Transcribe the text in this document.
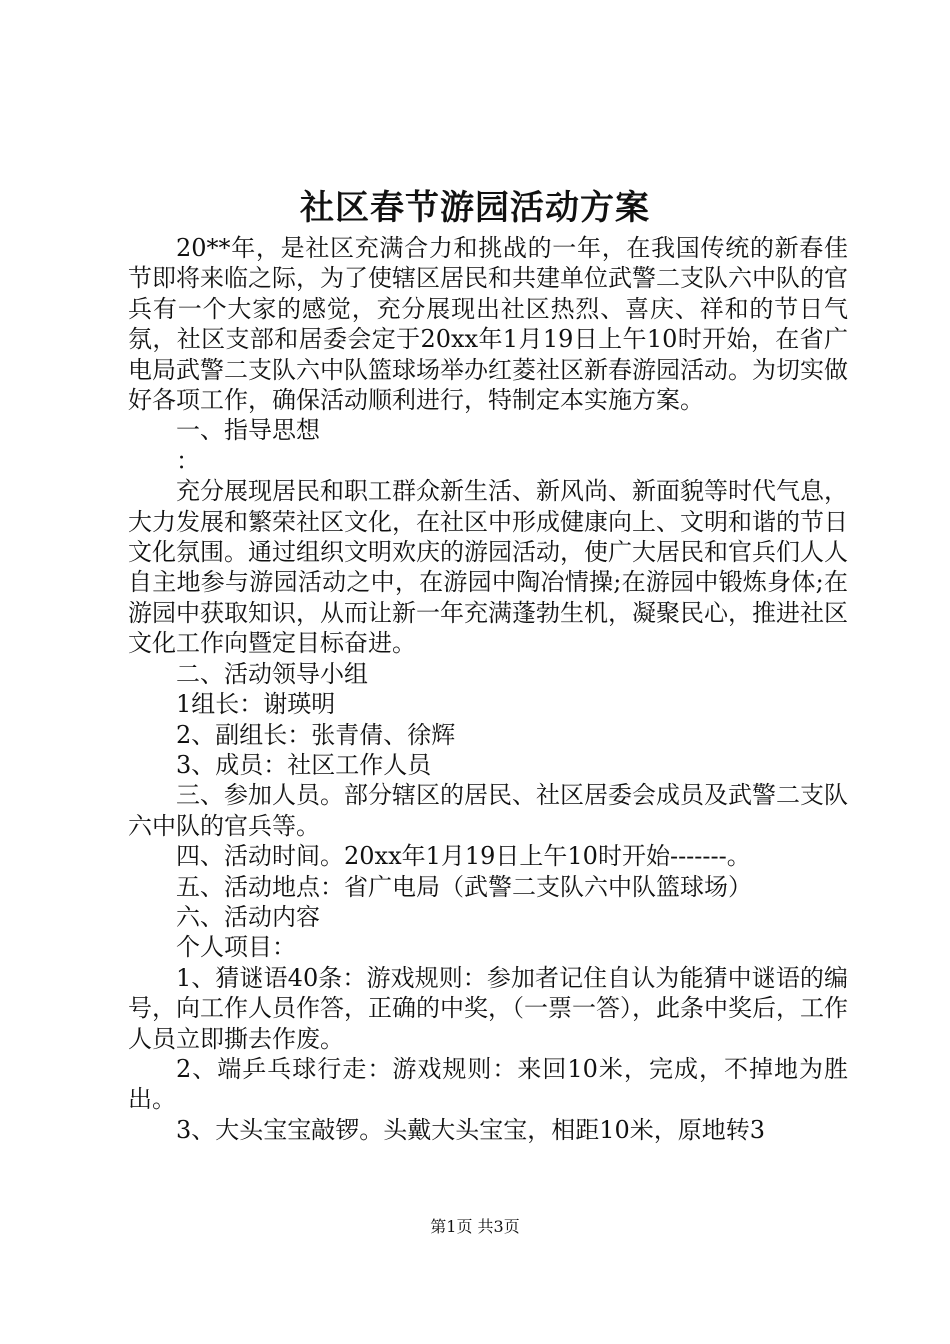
社区春节游园活动方案

20**年，是社区充满合力和挑战的一年，在我国传统的新春佳节即将来临之际，为了使辖区居民和共建单位武警二支队六中队的官兵有一个大家的感觉，充分展现出社区热烈、喜庆、祥和的节日气氛，社区支部和居委会定于20xx年1月19日上午10时开始，在省广电局武警二支队六中队篮球场举办红菱社区新春游园活动。为切实做好各项工作，确保活动顺利进行，特制定本实施方案。

一、指导思想

：

充分展现居民和职工群众新生活、新风尚、新面貌等时代气息，大力发展和繁荣社区文化，在社区中形成健康向上、文明和谐的节日文化氛围。通过组织文明欢庆的游园活动，使广大居民和官兵们人人自主地参与游园活动之中，在游园中陶冶情操;在游园中锻炼身体;在游园中获取知识，从而让新一年充满蓬勃生机，凝聚民心，推进社区文化工作向暨定目标奋进。

二、活动领导小组

1组长：谢瑛明

2、副组长：张青倩、徐辉

3、成员：社区工作人员

三、参加人员。部分辖区的居民、社区居委会成员及武警二支队六中队的官兵等。

四、活动时间。20xx年1月19日上午10时开始-------。

五、活动地点：省广电局（武警二支队六中队篮球场）

六、活动内容

个人项目：

1、猜谜语40条：游戏规则：参加者记住自认为能猜中谜语的编号，向工作人员作答，正确的中奖，（一票一答），此条中奖后，工作人员立即撕去作废。

2、端乒乓球行走：游戏规则：来回10米，完成，不掉地为胜出。

3、大头宝宝敲锣。头戴大头宝宝，相距10米，原地转3

第1页 共3页
